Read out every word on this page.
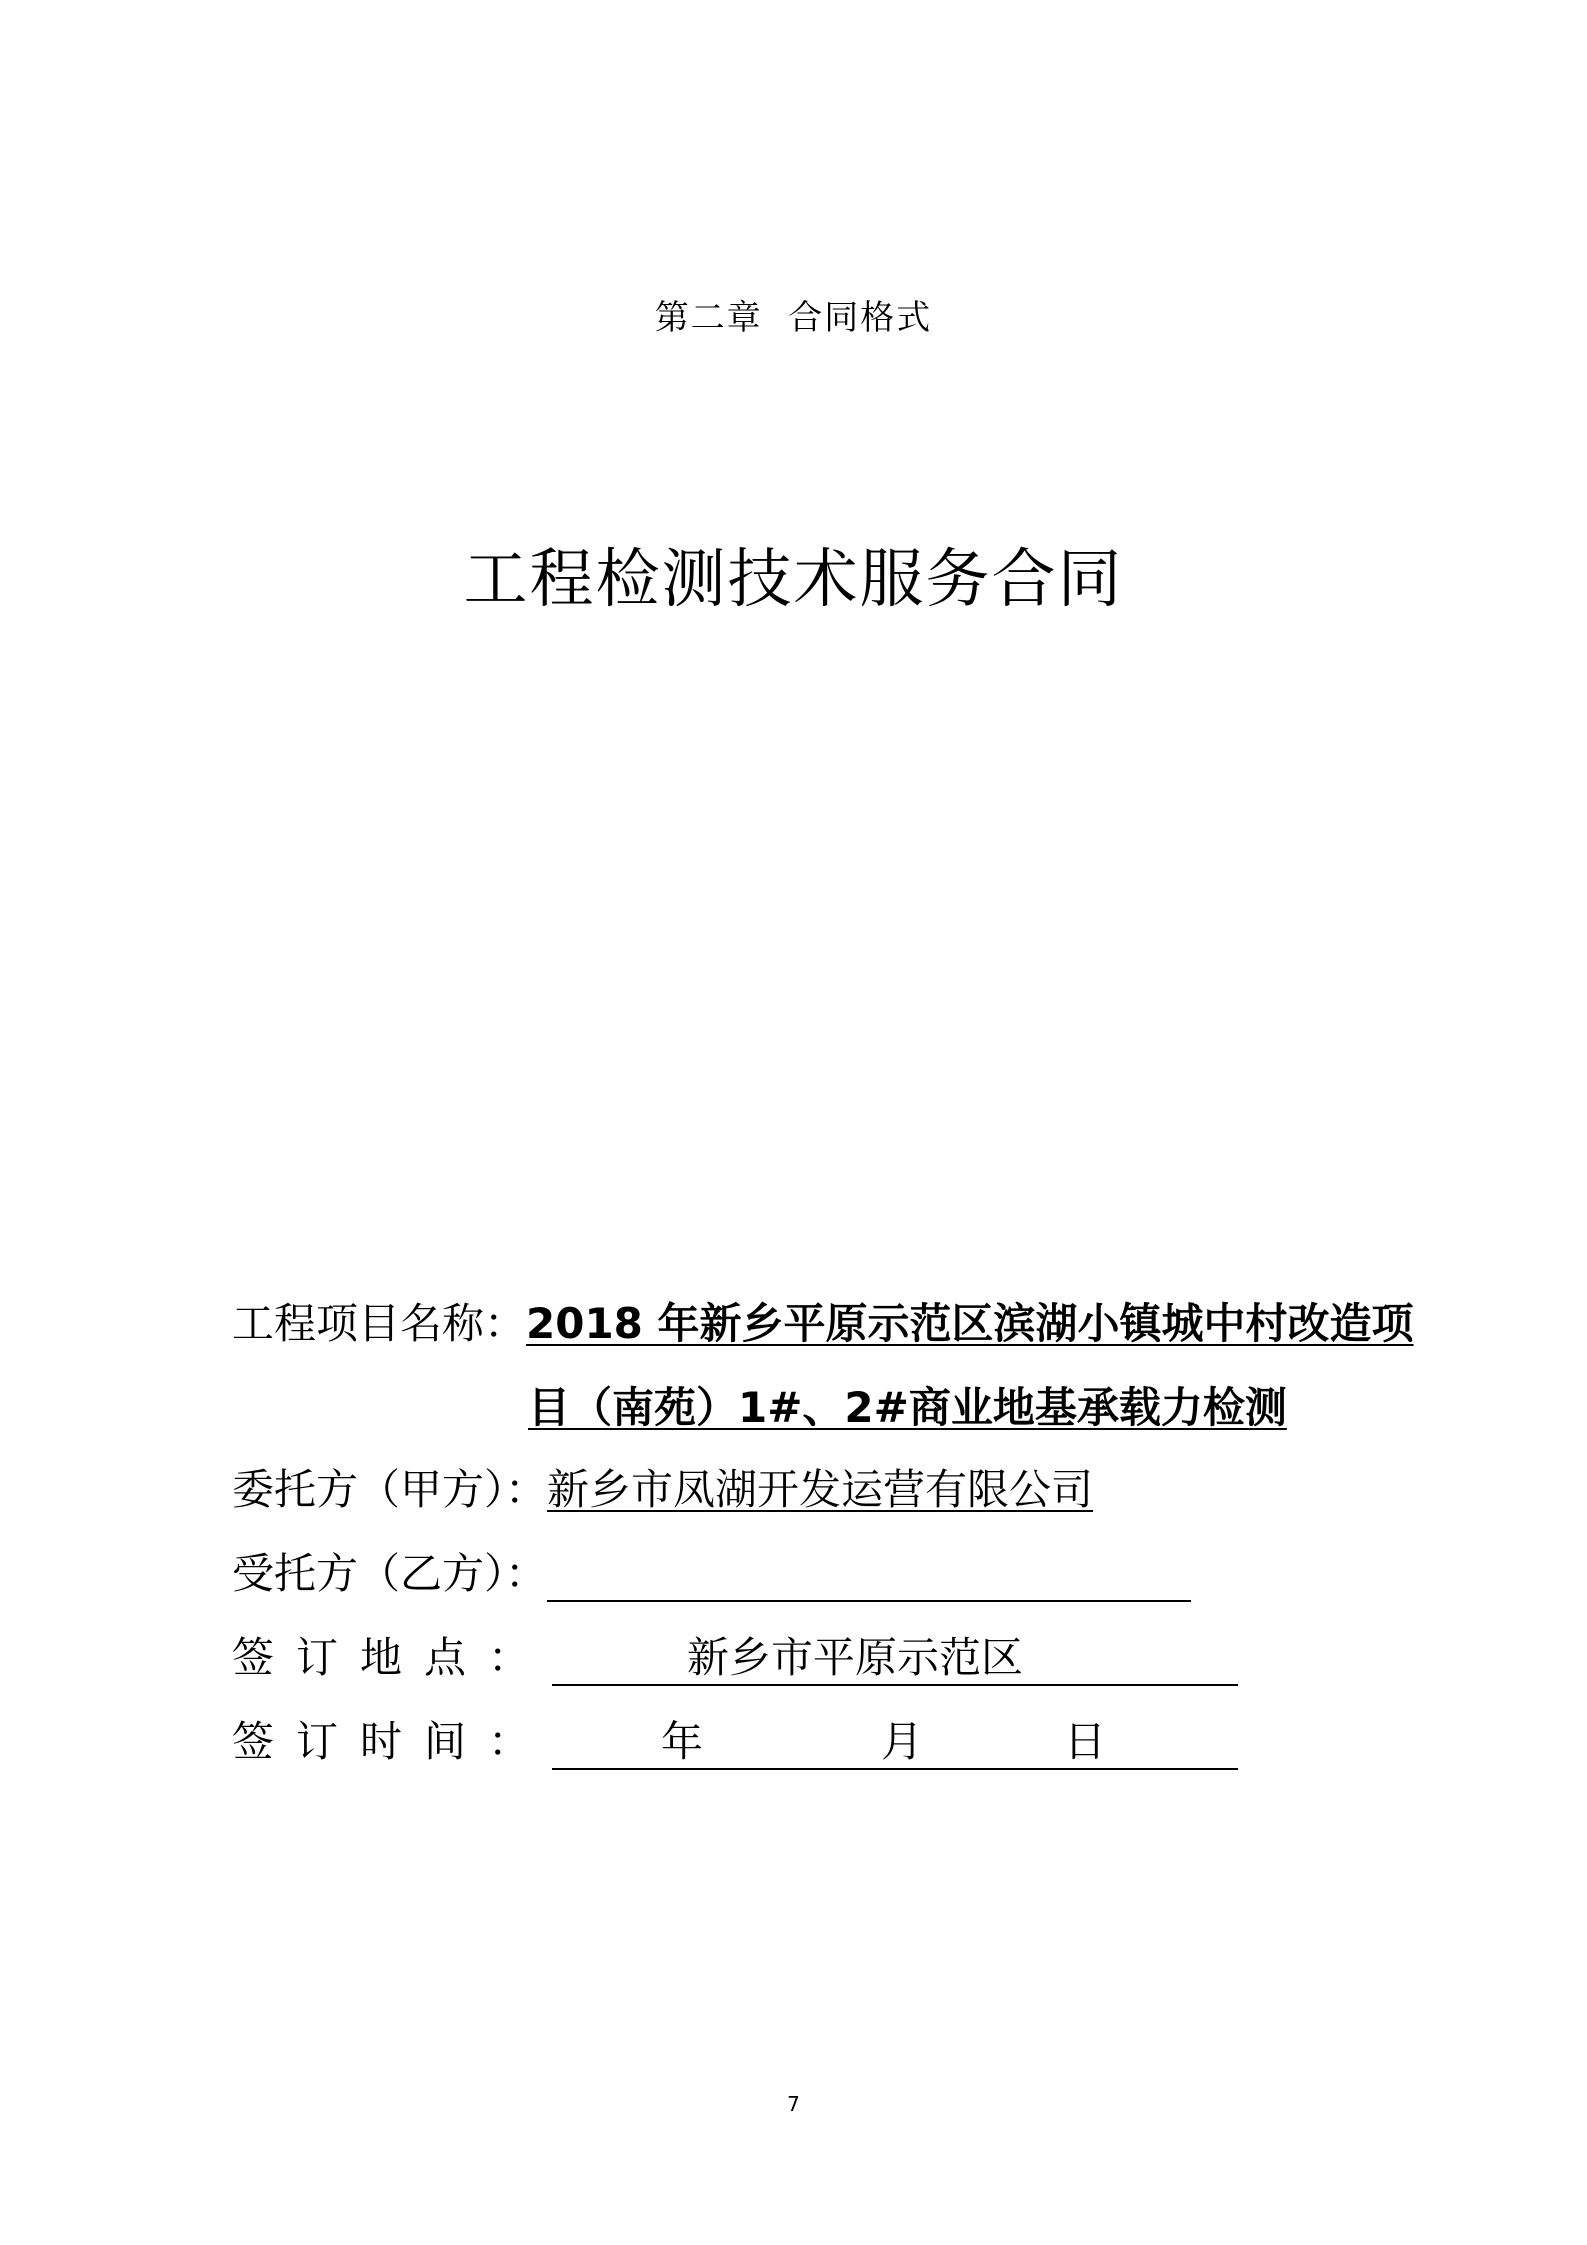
第二章  合同格式
工程检测技术服务合同
工程项目名称：2018 年新乡平原示范区滨湖小镇城中村改造项
目（南苑）1#、2#商业地基承载力检测
委托方（甲方）：新乡市凤湖开发运营有限公司
受托方（乙方）：
签订地点：	新乡市平原示范区
签订时间：	年	月	日
7
